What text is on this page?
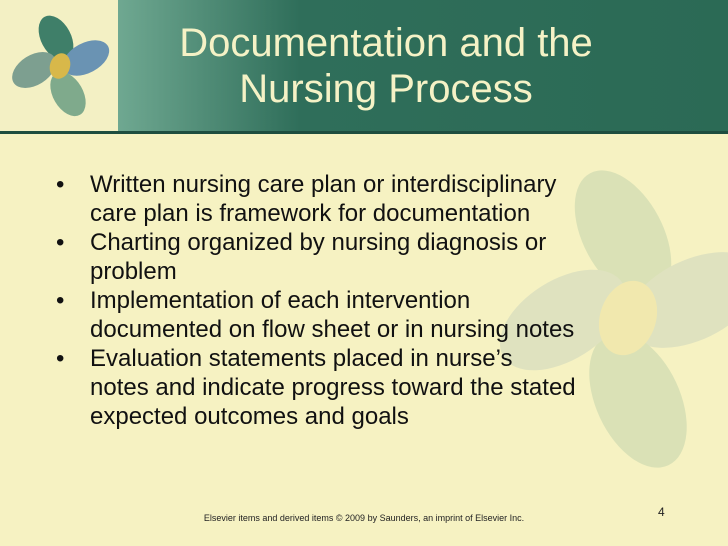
Documentation and the
Nursing Process
• Written nursing care plan or interdisciplinary
care plan is framework for documentation
• Charting organized by nursing diagnosis or
problem
• Implementation of each intervention
documented on flow sheet or in nursing notes
• Evaluation statements placed in nurse’s
notes and indicate progress toward the stated
expected outcomes and goals
Elsevier items and derived items © 2009 by Saunders, an imprint of Elsevier Inc.	4
